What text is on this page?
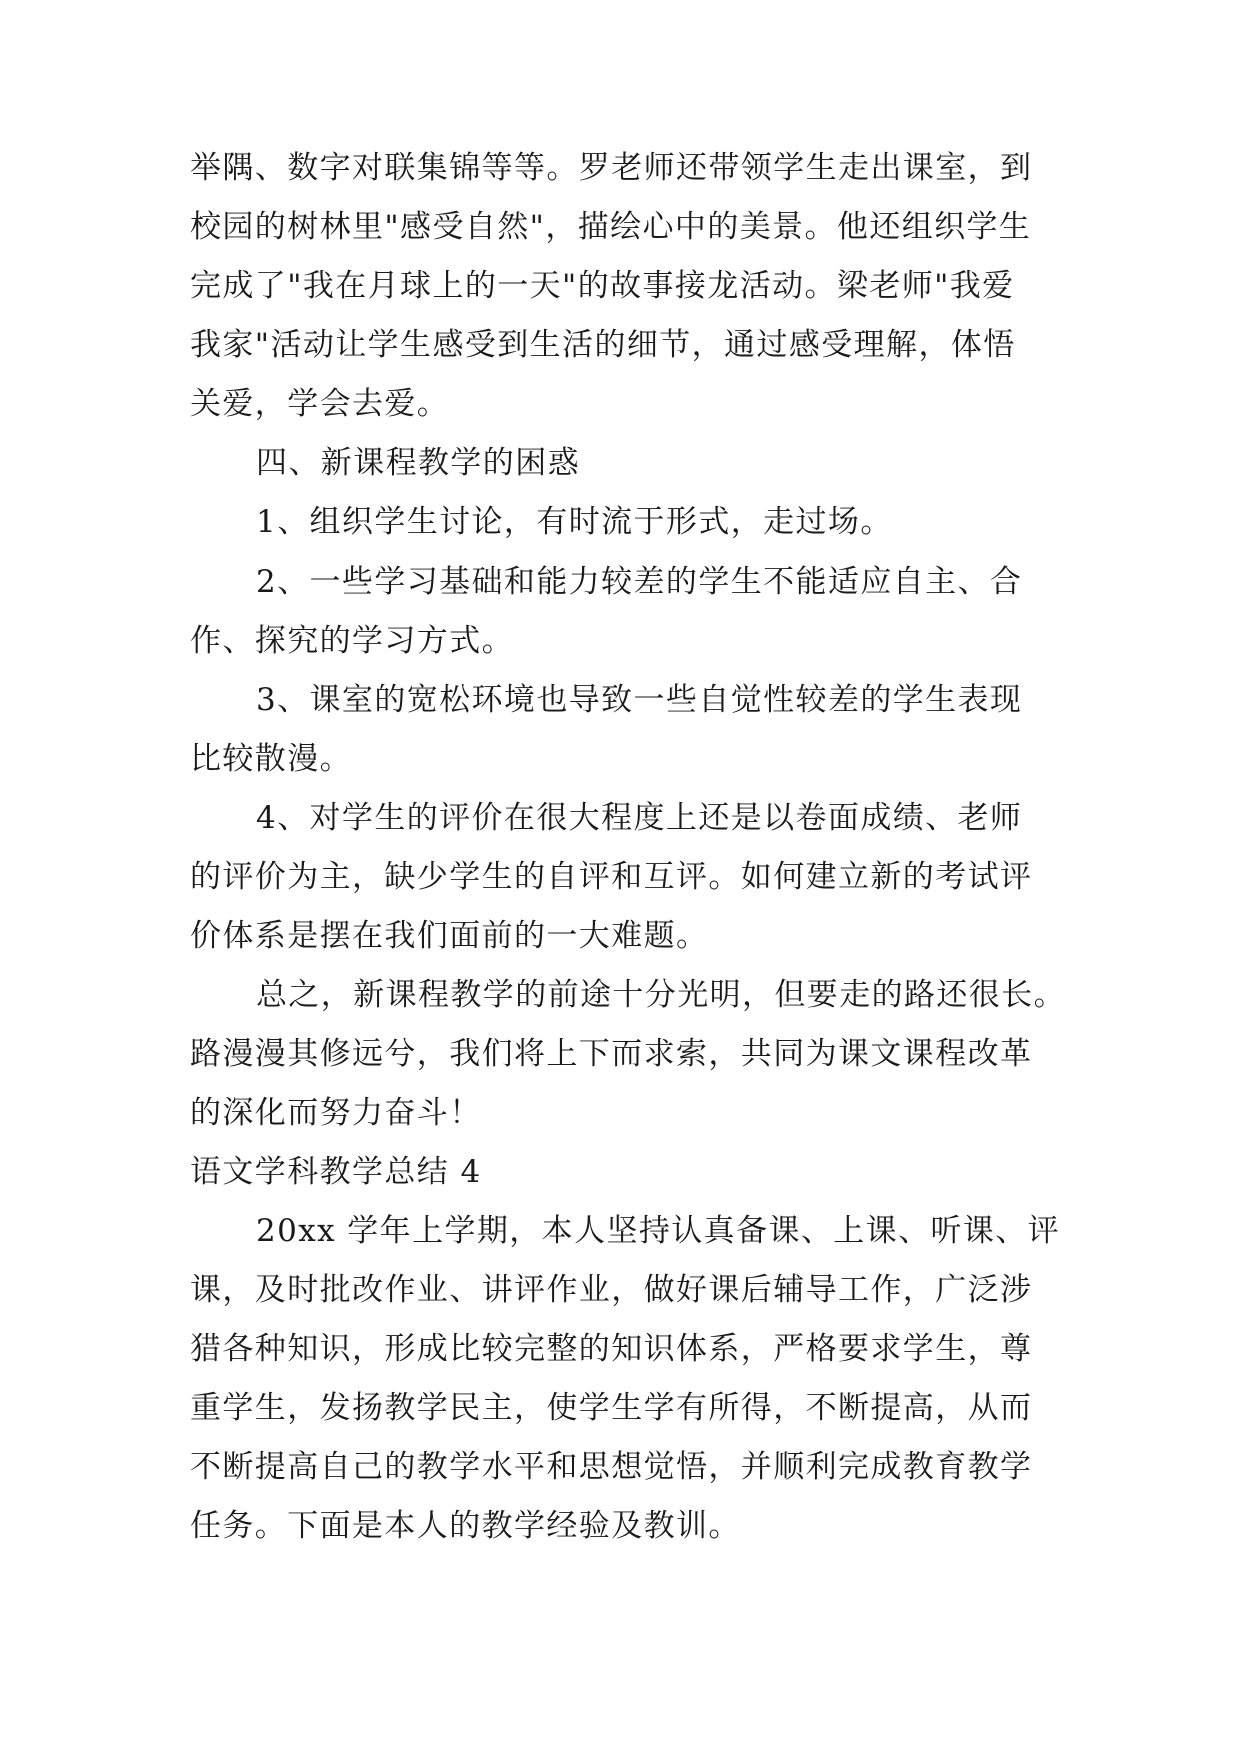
举隅、数字对联集锦等等。罗老师还带领学生走出课室，到

校园的树林里"感受自然"，描绘心中的美景。他还组织学生

完成了"我在月球上的一天"的故事接龙活动。梁老师"我爱

我家"活动让学生感受到生活的细节，通过感受理解，体悟

关爱，学会去爱。

四、新课程教学的困惑

1、组织学生讨论，有时流于形式，走过场。

2、一些学习基础和能力较差的学生不能适应自主、合

作、探究的学习方式。

3、课室的宽松环境也导致一些自觉性较差的学生表现

比较散漫。

4、对学生的评价在很大程度上还是以卷面成绩、老师

的评价为主，缺少学生的自评和互评。如何建立新的考试评

价体系是摆在我们面前的一大难题。

总之，新课程教学的前途十分光明，但要走的路还很长。

路漫漫其修远兮，我们将上下而求索，共同为课文课程改革

的深化而努力奋斗！

语文学科教学总结 4

20xx 学年上学期，本人坚持认真备课、上课、听课、评

课，及时批改作业、讲评作业，做好课后辅导工作，广泛涉

猎各种知识，形成比较完整的知识体系，严格要求学生，尊

重学生，发扬教学民主，使学生学有所得，不断提高，从而

不断提高自己的教学水平和思想觉悟，并顺利完成教育教学

任务。下面是本人的教学经验及教训。
